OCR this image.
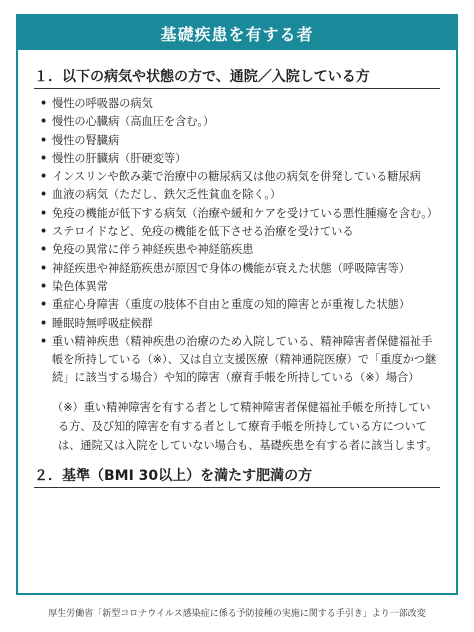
基礎疾患を有する者
１．以下の病気や状態の方で、通院／入院している方
• 慢性の呼吸器の病気
• 慢性の心臓病（高血圧を含む。）
• 慢性の腎臓病
• 慢性の肝臓病（肝硬変等）
• インスリンや飲み薬で治療中の糖尿病又は他の病気を併発している糖尿病
• 血液の病気（ただし、鉄欠乏性貧血を除く。）
• 免疫の機能が低下する病気（治療や緩和ケアを受けている悪性腫瘍を含む。）
• ステロイドなど、免疫の機能を低下させる治療を受けている
• 免疫の異常に伴う神経疾患や神経筋疾患
• 神経疾患や神経筋疾患が原因で身体の機能が衰えた状態（呼吸障害等）
• 染色体異常
• 重症心身障害（重度の肢体不自由と重度の知的障害とが重複した状態）
• 睡眠時無呼吸症候群
• 重い精神疾患（精神疾患の治療のため入院している、精神障害者保健福祉手帳を所持している（※）、又は自立支援医療（精神通院医療）で「重度かつ継続」に該当する場合）や知的障害（療育手帳を所持している（※）場合）
（※）重い精神障害を有する者として精神障害者保健福祉手帳を所持している方、及び知的障害を有する者として療育手帳を所持している方については、通院又は入院をしていない場合も、基礎疾患を有する者に該当します。
２．基準（BMI 30以上）を満たす肥満の方
厚生労働省「新型コロナウイルス感染症に係る予防接種の実施に関する手引き」より一部改変
